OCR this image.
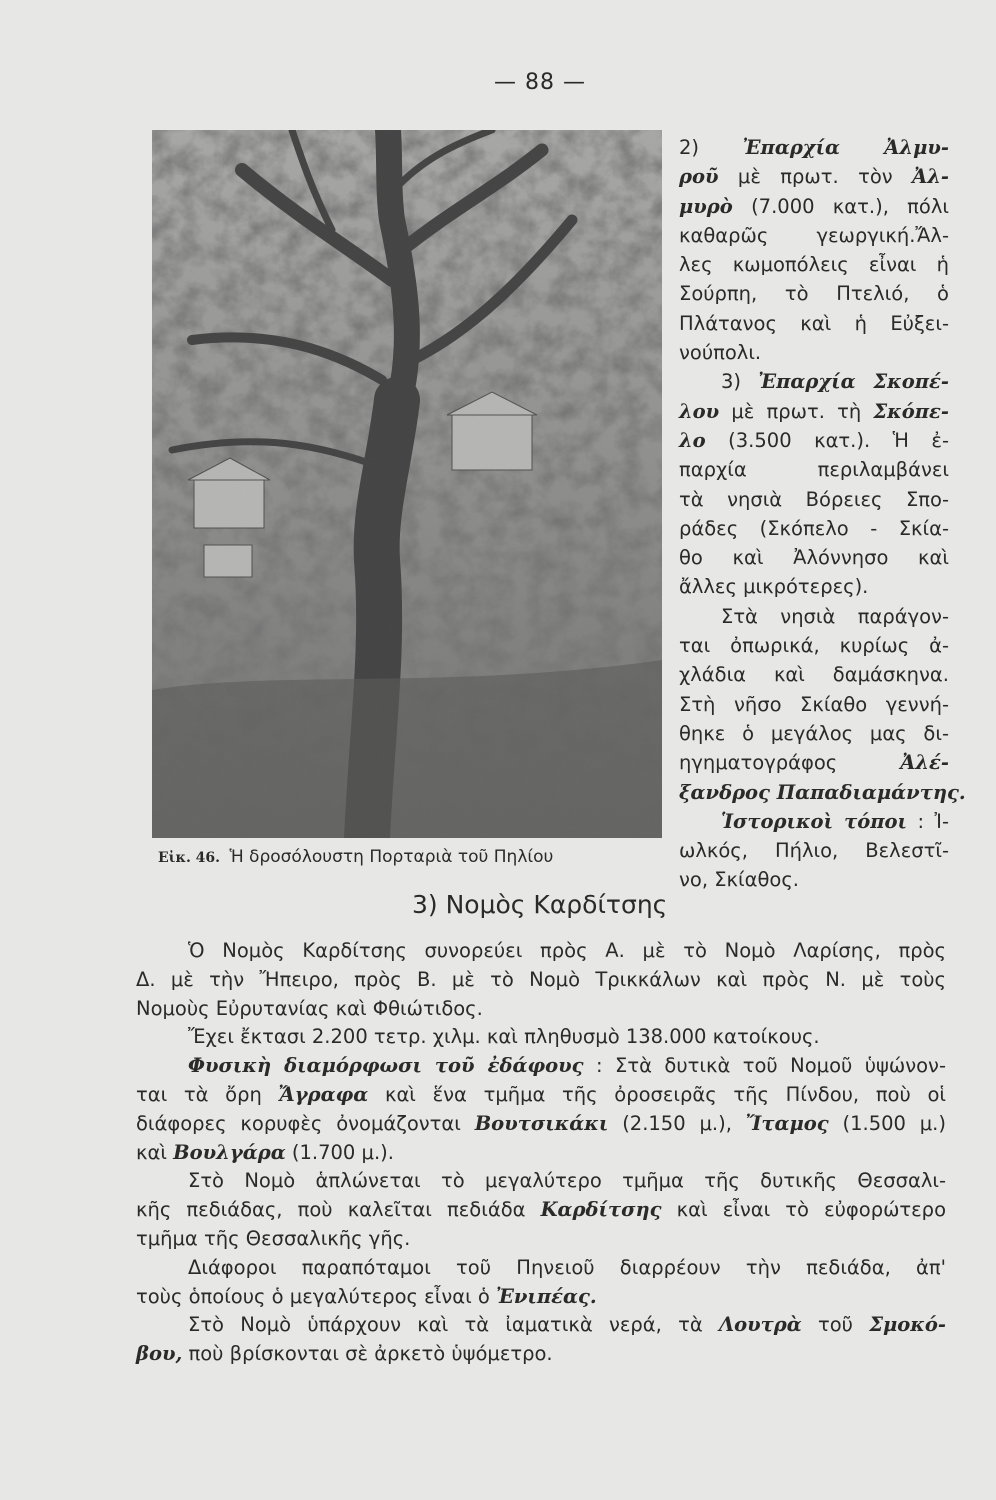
— 88 —
Εἰκ. 46. Ἡ δροσόλουστη Πορταριὰ τοῦ Πηλίου
2) Ἐπαρχία Ἀλμυ-
ροῦ μὲ πρωτ. τὸν Ἀλ-
μυρὸ (7.000 κατ.), πόλι
καθαρῶς γεωργική.Ἄλ-
λες κωμοπόλεις εἶναι ἡ
Σούρπη, τὸ Πτελιό, ὁ
Πλάτανος καὶ ἡ Εὐξει-
νούπολι.
3) Ἐπαρχία Σκοπέ-
λου μὲ πρωτ. τὴ Σκόπε-
λο (3.500 κατ.). Ἡ ἐ-
παρχία περιλαμβάνει
τὰ νησιὰ Βόρειες Σπο-
ράδες (Σκόπελο - Σκία-
θο καὶ Ἀλόννησο καὶ
ἄλλες μικρότερες).
Στὰ νησιὰ παράγον-
ται ὀπωρικά, κυρίως ἀ-
χλάδια καὶ δαμάσκηνα.
Στὴ νῆσο Σκίαθο γεννή-
θηκε ὁ μεγάλος μας δι-
ηγηματογράφος Ἀλέ-
ξανδρος Παπαδιαμάντης.
Ἱστορικοὶ τόποι : Ἰ-
ωλκός, Πήλιο, Βελεστῖ-
νο, Σκίαθος.
3) Νομὸς Καρδίτσης
Ὁ Νομὸς Καρδίτσης συνορεύει πρὸς Α. μὲ τὸ Νομὸ Λαρίσης, πρὸς
Δ. μὲ τὴν Ἤπειρο, πρὸς Β. μὲ τὸ Νομὸ Τρικκάλων καὶ πρὸς Ν. μὲ τοὺς
Νομοὺς Εὐρυτανίας καὶ Φθιώτιδος.
Ἔχει ἔκτασι 2.200 τετρ. χιλμ. καὶ πληθυσμὸ 138.000 κατοίκους.
Φυσικὴ διαμόρφωσι τοῦ ἐδάφους : Στὰ δυτικὰ τοῦ Νομοῦ ὑψώνον-
ται τὰ ὄρη Ἄγραφα καὶ ἕνα τμῆμα τῆς ὀροσειρᾶς τῆς Πίνδου, ποὺ οἱ
διάφορες κορυφὲς ὀνομάζονται Βουτσικάκι (2.150 μ.), Ἴταμος (1.500 μ.)
καὶ Βουλγάρα (1.700 μ.).
Στὸ Νομὸ ἁπλώνεται τὸ μεγαλύτερο τμῆμα τῆς δυτικῆς Θεσσαλι-
κῆς πεδιάδας, ποὺ καλεῖται πεδιάδα Καρδίτσης καὶ εἶναι τὸ εὐφορώτερο
τμῆμα τῆς Θεσσαλικῆς γῆς.
Διάφοροι παραπόταμοι τοῦ Πηνειοῦ διαρρέουν τὴν πεδιάδα, ἀπ'
τοὺς ὁποίους ὁ μεγαλύτερος εἶναι ὁ Ἐνιπέας.
Στὸ Νομὸ ὑπάρχουν καὶ τὰ ἰαματικὰ νερά, τὰ Λουτρὰ τοῦ Σμοκό-
βου, ποὺ βρίσκονται σὲ ἀρκετὸ ὑψόμετρο.
